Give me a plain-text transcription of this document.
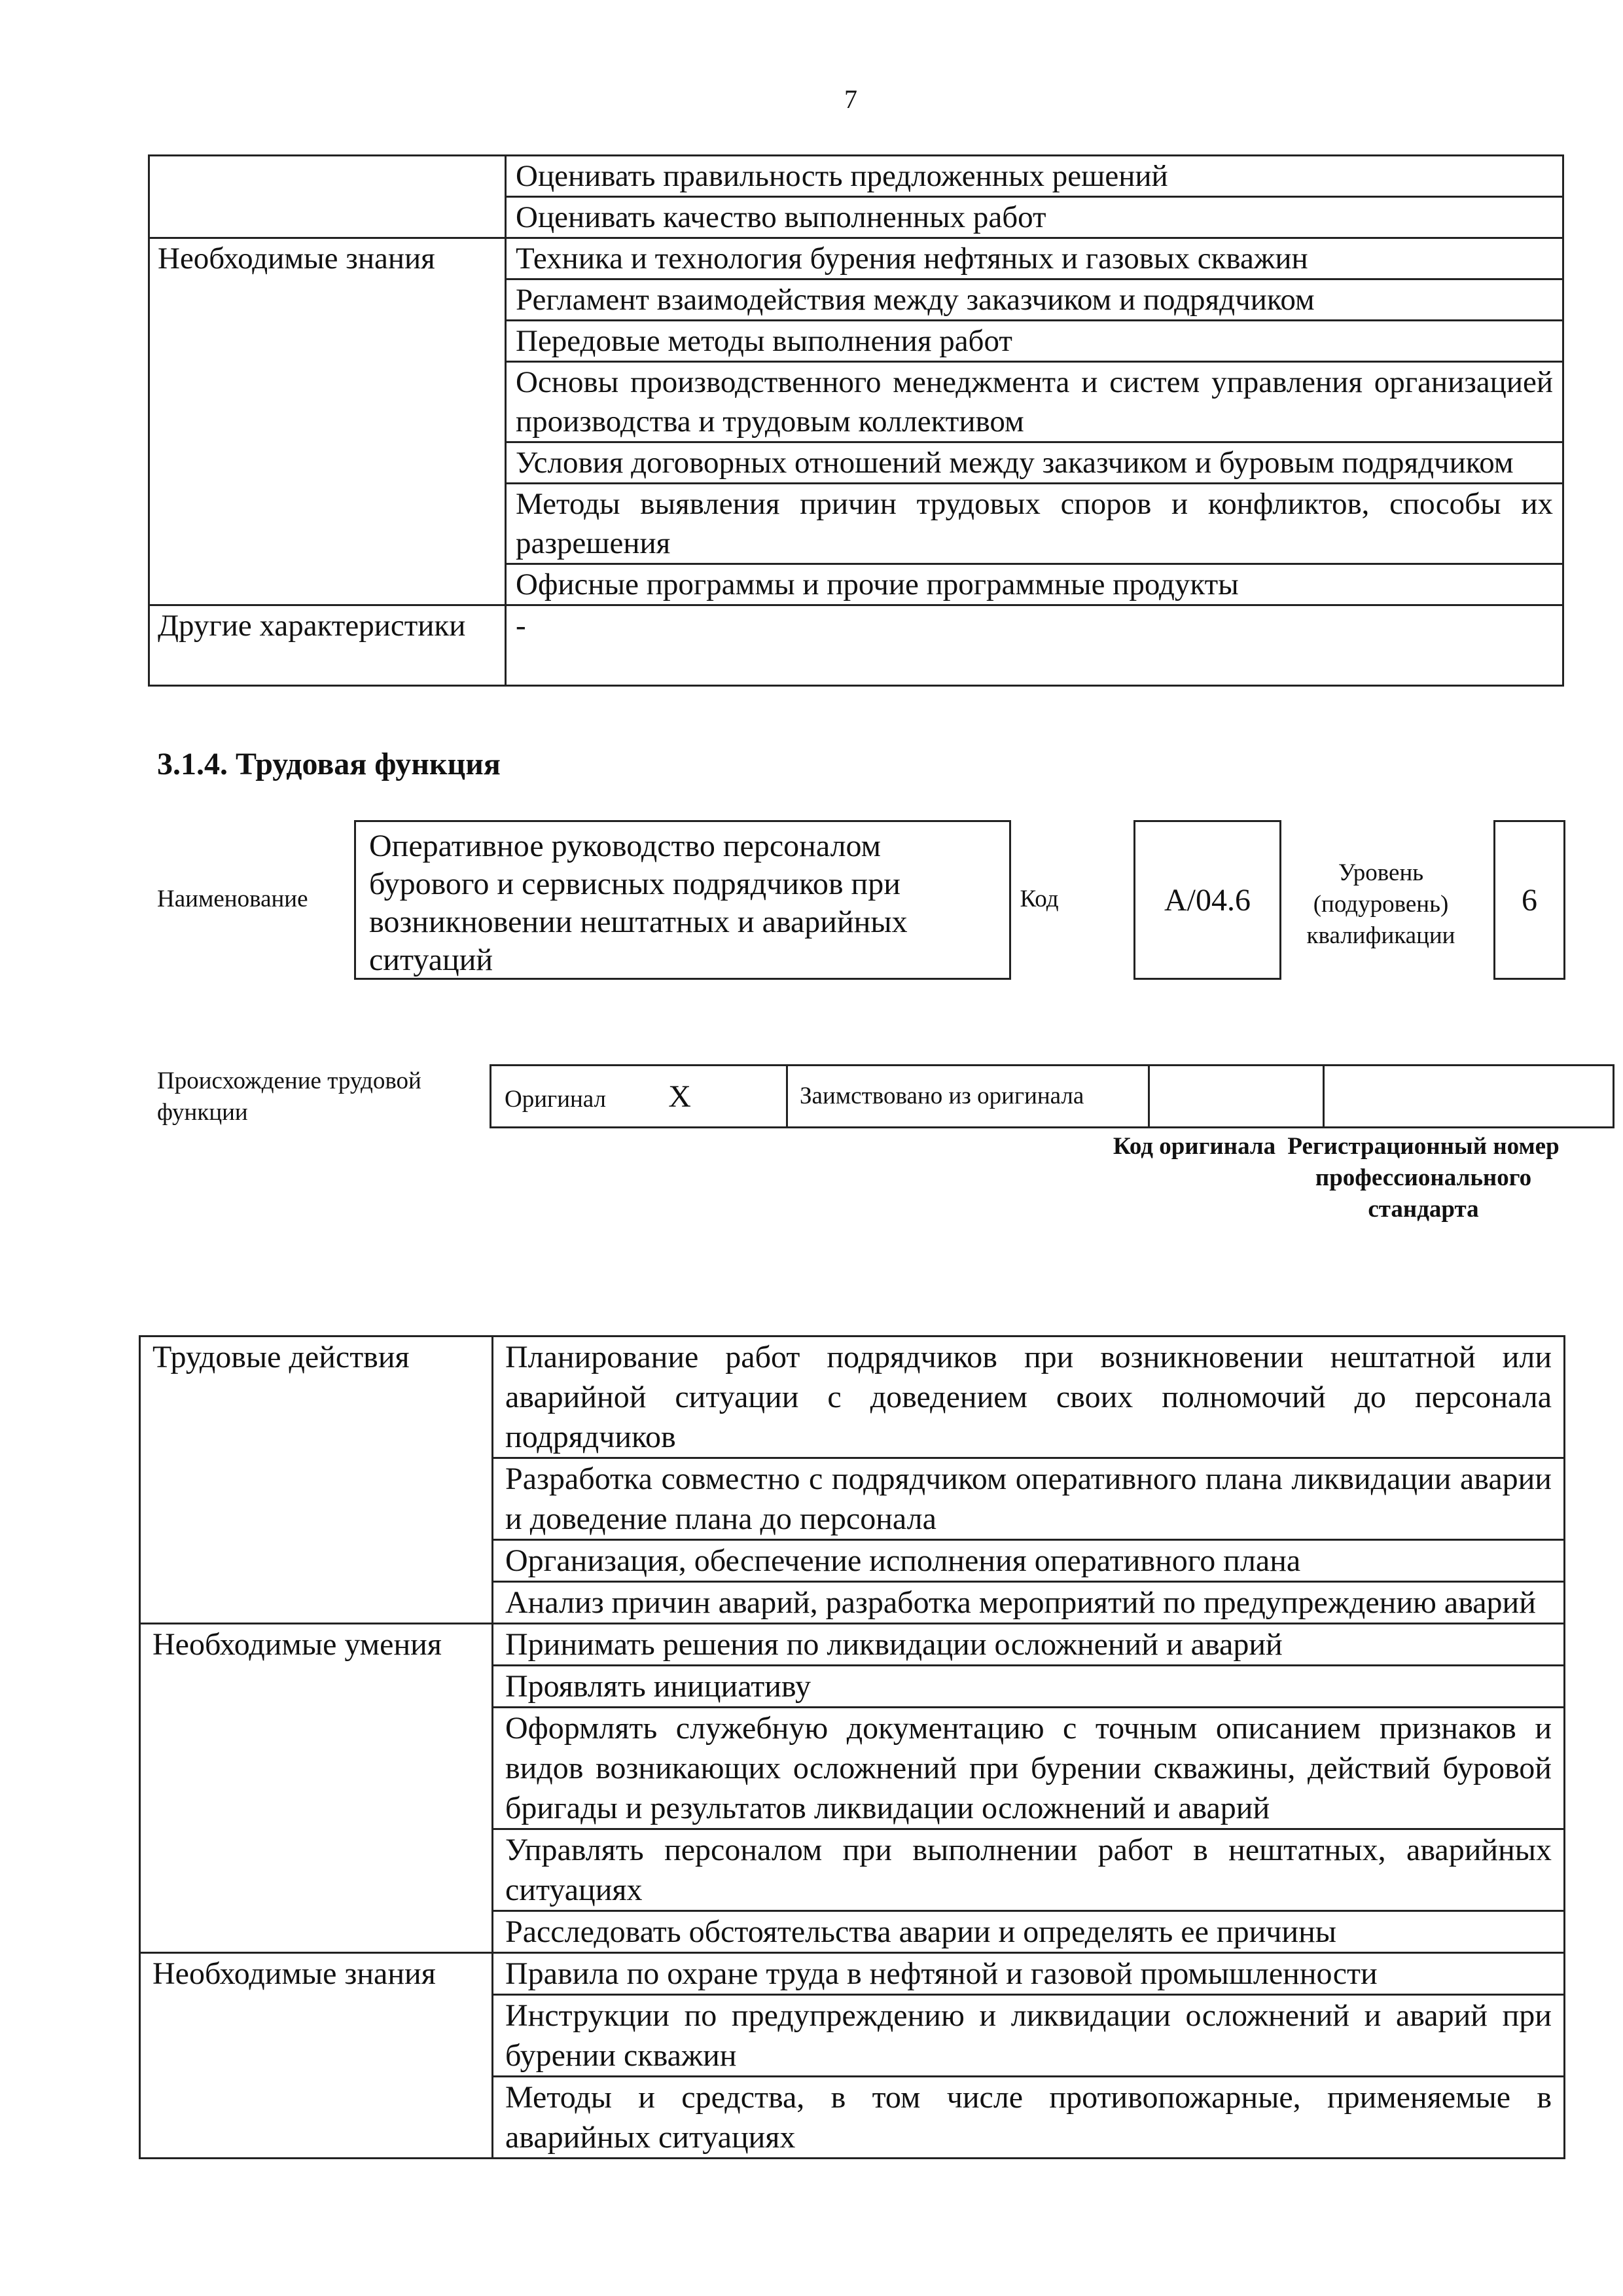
7
	Оценивать правильность предложенных решений
	Оценивать качество выполненных работ
Необходимые знания	Техника и технология бурения нефтяных и газовых скважин
	Регламент взаимодействия между заказчиком и подрядчиком
	Передовые методы выполнения работ
	Основы производственного менеджмента и систем управления организацией производства и трудовым коллективом
	Условия договорных отношений между заказчиком и буровым подрядчиком
	Методы выявления причин трудовых споров и конфликтов, способы их разрешения
	Офисные программы и прочие программные продукты
Другие характеристики	-
3.1.4. Трудовая функция
Наименование
Оперативное руководство персоналом бурового и сервисных подрядчиков при возникновении нештатных и аварийных ситуаций
Код	A/04.6
Уровень (подуровень) квалификации
6
Происхождение трудовой функции	Оригинал X	Заимствовано из оригинала		
Код оригинала Регистрационный номер профессионального стандарта
Трудовые действия	Планирование работ подрядчиков при возникновении нештатной или аварийной ситуации с доведением своих полномочий до персонала подрядчиков
	Разработка совместно с подрядчиком оперативного плана ликвидации аварии и доведение плана до персонала
	Организация, обеспечение исполнения оперативного плана
	Анализ причин аварий, разработка мероприятий по предупреждению аварий
Необходимые умения	Принимать решения по ликвидации осложнений и аварий
	Проявлять инициативу
	Оформлять служебную документацию с точным описанием признаков и видов возникающих осложнений при бурении скважины, действий буровой бригады и результатов ликвидации осложнений и аварий
	Управлять персоналом при выполнении работ в нештатных, аварийных ситуациях
	Расследовать обстоятельства аварии и определять ее причины
Необходимые знания	Правила по охране труда в нефтяной и газовой промышленности
	Инструкции по предупреждению и ликвидации осложнений и аварий при бурении скважин
	Методы и средства, в том числе противопожарные, применяемые в аварийных ситуациях
